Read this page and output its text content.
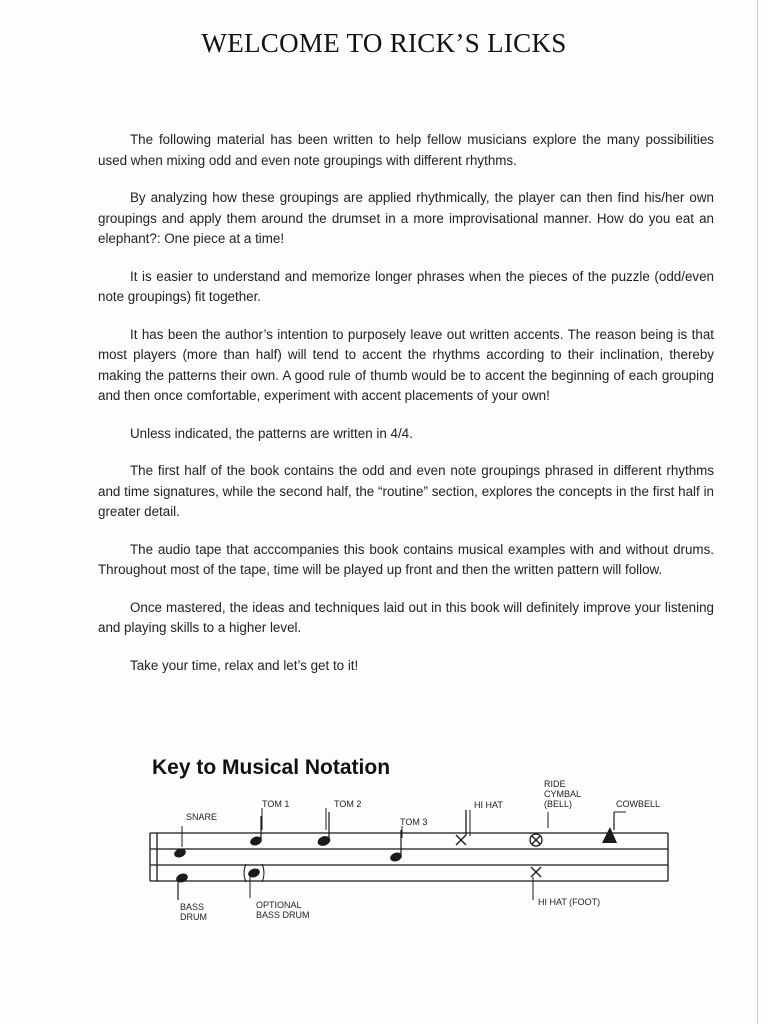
WELCOME TO RICK’S LICKS

The following material has been written to help fellow musicians explore the many possibilities used when mixing odd and even note groupings with different rhythms.

By analyzing how these groupings are applied rhythmically, the player can then find his/her own groupings and apply them around the drumset in a more improvisational manner. How do you eat an elephant?: One piece at a time!

It is easier to understand and memorize longer phrases when the pieces of the puzzle (odd/even note groupings) fit together.

It has been the author’s intention to purposely leave out written accents. The reason being is that most players (more than half) will tend to accent the rhythms according to their inclination, thereby making the patterns their own. A good rule of thumb would be to accent the beginning of each grouping and then once comfortable, experiment with accent placements of your own!

Unless indicated, the patterns are written in 4/4.

The first half of the book contains the odd and even note groupings phrased in different rhythms and time signatures, while the second half, the “routine” section, explores the concepts in the first half in greater detail.

The audio tape that acccompanies this book contains musical examples with and without drums. Throughout most of the tape, time will be played up front and then the written pattern will follow.

Once mastered, the ideas and techniques laid out in this book will definitely improve your listening and playing skills to a higher level.

Take your time, relax and let’s get to it!

Key to Musical Notation
SNARE
TOM 1	TOM 2
TOM 3
HI HAT
RIDE
CYMBAL
(BELL)	COWBELL
BASS
DRUM
OPTIONAL
BASS DRUM
HI HAT (FOOT)
